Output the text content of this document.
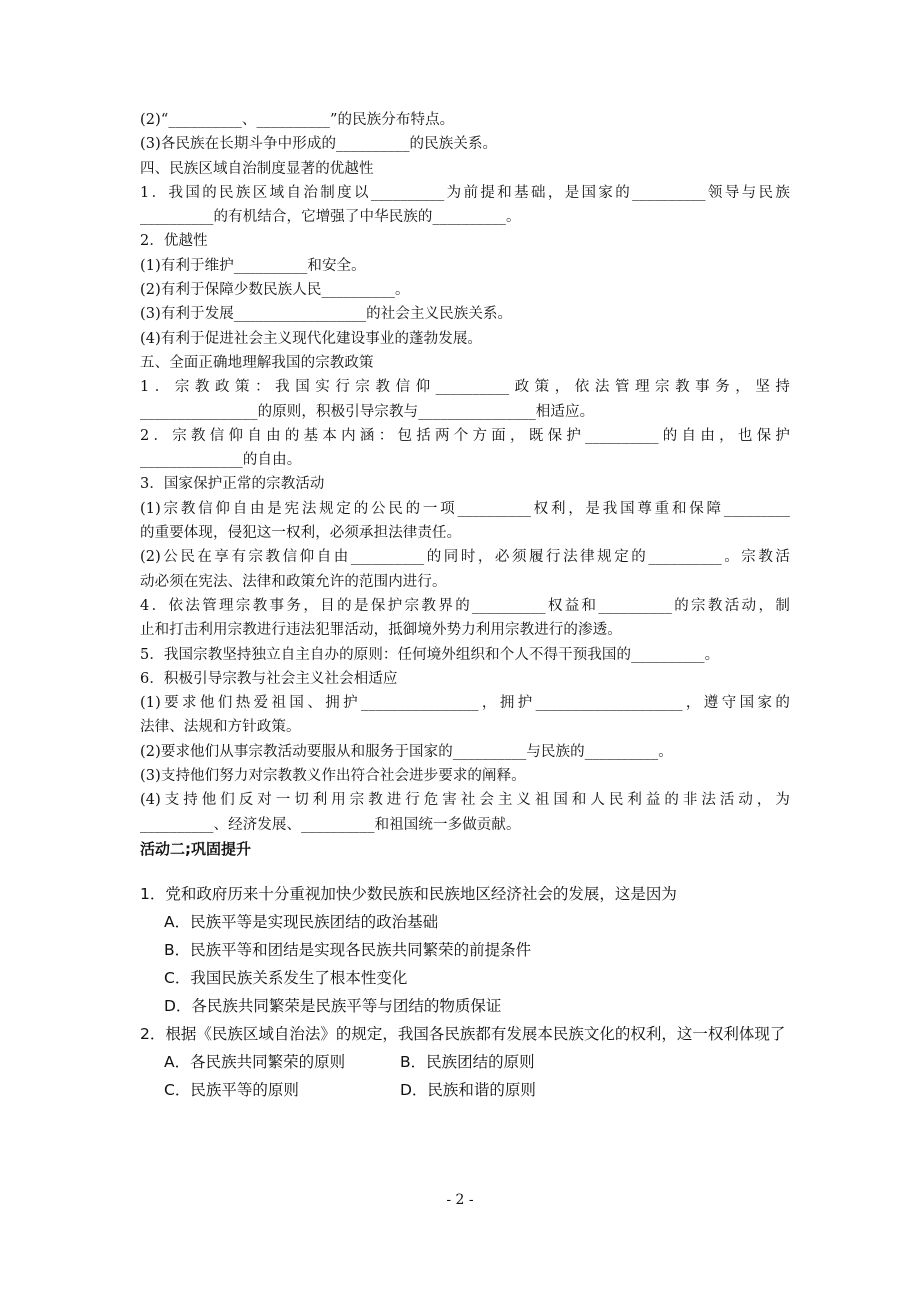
(2)“__________、__________”的民族分布特点。
(3)各民族在长期斗争中形成的__________的民族关系。
四、民族区域自治制度显著的优越性
1．我国的民族区域自治制度以__________为前提和基础，是国家的__________领导与民族
__________的有机结合，它增强了中华民族的__________。
2．优越性
(1)有利于维护__________和安全。
(2)有利于保障少数民族人民__________。
(3)有利于发展__________________的社会主义民族关系。
(4)有利于促进社会主义现代化建设事业的蓬勃发展。
五、全面正确地理解我国的宗教政策
1．宗教政策：我国实行宗教信仰__________政策，依法管理宗教事务，坚持
________________的原则，积极引导宗教与________________相适应。
2．宗教信仰自由的基本内涵：包括两个方面，既保护__________的自由，也保护
______________的自由。
3．国家保护正常的宗教活动
(1)宗教信仰自由是宪法规定的公民的一项__________权利，是我国尊重和保障_________
的重要体现，侵犯这一权利，必须承担法律责任。
(2)公民在享有宗教信仰自由__________的同时，必须履行法律规定的__________。宗教活
动必须在宪法、法律和政策允许的范围内进行。
4．依法管理宗教事务，目的是保护宗教界的__________权益和__________的宗教活动，制
止和打击利用宗教进行违法犯罪活动，抵御境外势力利用宗教进行的渗透。
5．我国宗教坚持独立自主自办的原则：任何境外组织和个人不得干预我国的__________。
6．积极引导宗教与社会主义社会相适应
(1)要求他们热爱祖国、拥护________________，拥护____________________，遵守国家的
法律、法规和方针政策。
(2)要求他们从事宗教活动要服从和服务于国家的__________与民族的__________。
(3)支持他们努力对宗教教义作出符合社会进步要求的阐释。
(4)支持他们反对一切利用宗教进行危害社会主义祖国和人民利益的非法活动，为
__________、经济发展、__________和祖国统一多做贡献。
活动二;巩固提升
1．党和政府历来十分重视加快少数民族和民族地区经济社会的发展，这是因为
A．民族平等是实现民族团结的政治基础
B．民族平等和团结是实现各民族共同繁荣的前提条件
C．我国民族关系发生了根本性变化
D．各民族共同繁荣是民族平等与团结的物质保证
2．根据《民族区域自治法》的规定，我国各民族都有发展本民族文化的权利，这一权利体现了
A．各民族共同繁荣的原则	B．民族团结的原则
C．民族平等的原则	D．民族和谐的原则
- 2 -
